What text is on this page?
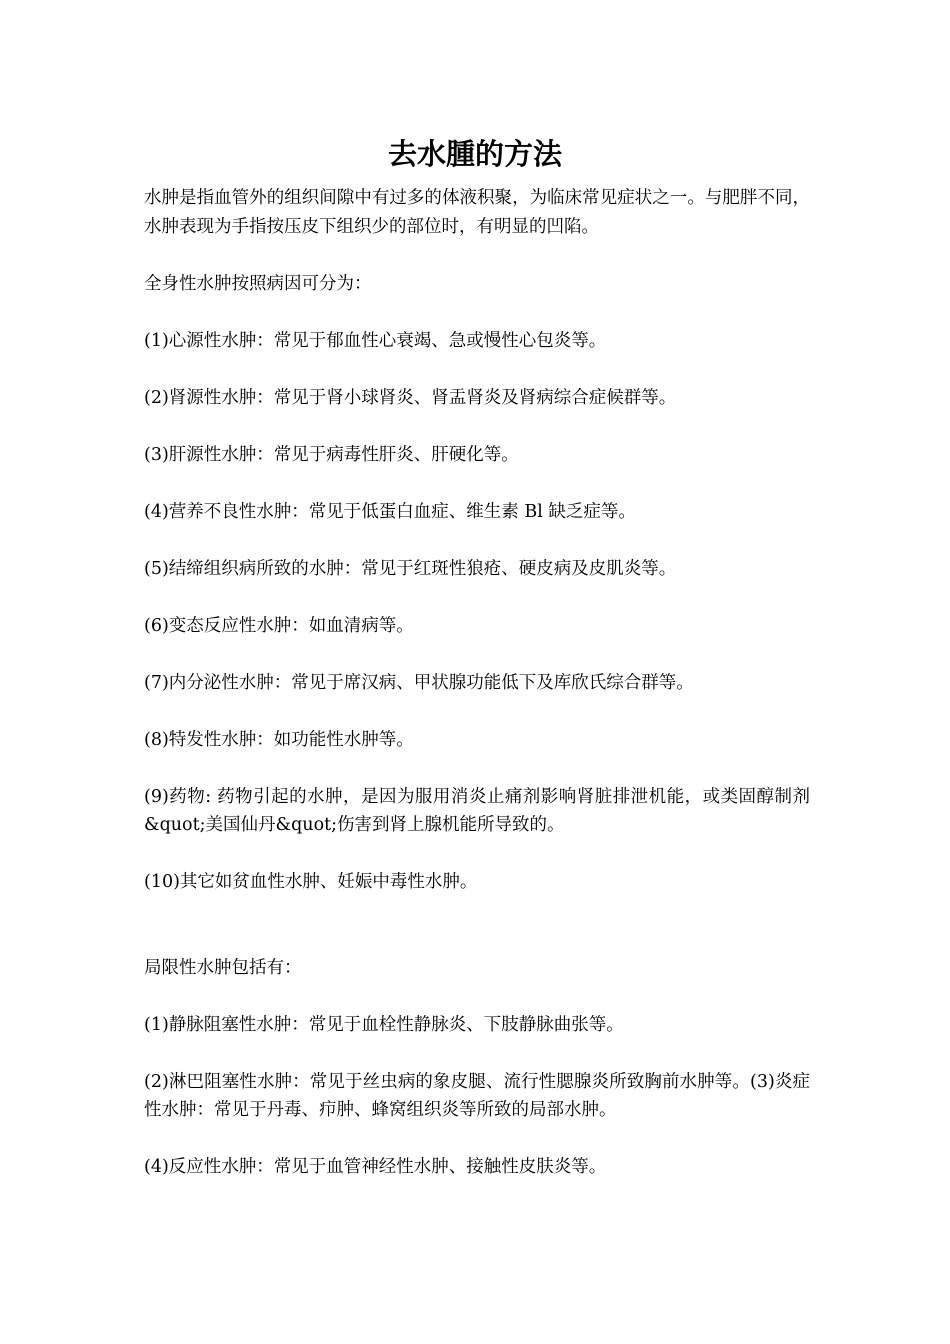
去水腫的方法

水肿是指血管外的组织间隙中有过多的体液积聚，为临床常见症状之一。与肥胖不同，水肿表现为手指按压皮下组织少的部位时，有明显的凹陷。

全身性水肿按照病因可分为：

(1)心源性水肿：常见于郁血性心衰竭、急或慢性心包炎等。

(2)肾源性水肿：常见于肾小球肾炎、肾盂肾炎及肾病综合症候群等。

(3)肝源性水肿：常见于病毒性肝炎、肝硬化等。

(4)营养不良性水肿：常见于低蛋白血症、维生素 Bl 缺乏症等。

(5)结缔组织病所致的水肿：常见于红斑性狼疮、硬皮病及皮肌炎等。

(6)变态反应性水肿：如血清病等。

(7)内分泌性水肿：常见于席汉病、甲状腺功能低下及库欣氏综合群等。

(8)特发性水肿：如功能性水肿等。

(9)药物: 药物引起的水肿，是因为服用消炎止痛剂影响肾脏排泄机能，或类固醇制剂&quot;美国仙丹&quot;伤害到肾上腺机能所导致的。

(10)其它如贫血性水肿、妊娠中毒性水肿。

局限性水肿包括有：

(1)静脉阻塞性水肿：常见于血栓性静脉炎、下肢静脉曲张等。

(2)淋巴阻塞性水肿：常见于丝虫病的象皮腿、流行性腮腺炎所致胸前水肿等。(3)炎症性水肿：常见于丹毒、疖肿、蜂窝组织炎等所致的局部水肿。

(4)反应性水肿：常见于血管神经性水肿、接触性皮肤炎等。
